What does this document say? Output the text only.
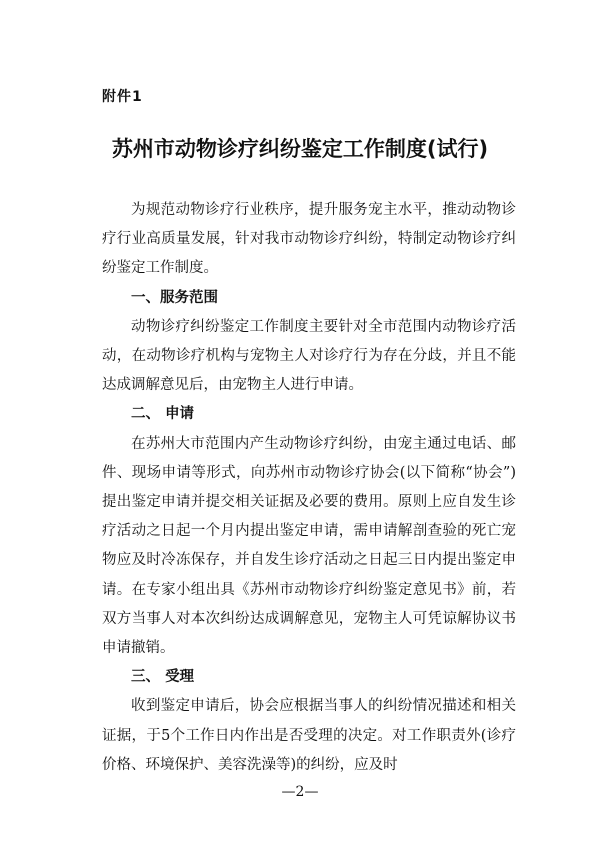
附件1
苏州市动物诊疗纠纷鉴定工作制度(试行)

为规范动物诊疗行业秩序，提升服务宠主水平，推动动物诊疗行业高质量发展，针对我市动物诊疗纠纷，特制定动物诊疗纠纷鉴定工作制度。

一、服务范围

动物诊疗纠纷鉴定工作制度主要针对全市范围内动物诊疗活动，在动物诊疗机构与宠物主人对诊疗行为存在分歧，并且不能达成调解意见后，由宠物主人进行申请。

二、 申请

在苏州大市范围内产生动物诊疗纠纷，由宠主通过电话、邮件、现场申请等形式，向苏州市动物诊疗协会(以下简称“协会”)提出鉴定申请并提交相关证据及必要的费用。原则上应自发生诊疗活动之日起一个月内提出鉴定申请，需申请解剖查验的死亡宠物应及时冷冻保存，并自发生诊疗活动之日起三日内提出鉴定申请。在专家小组出具《苏州市动物诊疗纠纷鉴定意见书》前，若双方当事人对本次纠纷达成调解意见，宠物主人可凭谅解协议书申请撤销。

三、 受理

收到鉴定申请后，协会应根据当事人的纠纷情况描述和相关证据，于5个工作日内作出是否受理的决定。对工作职责外(诊疗价格、环境保护、美容洗澡等)的纠纷，应及时

—2—
